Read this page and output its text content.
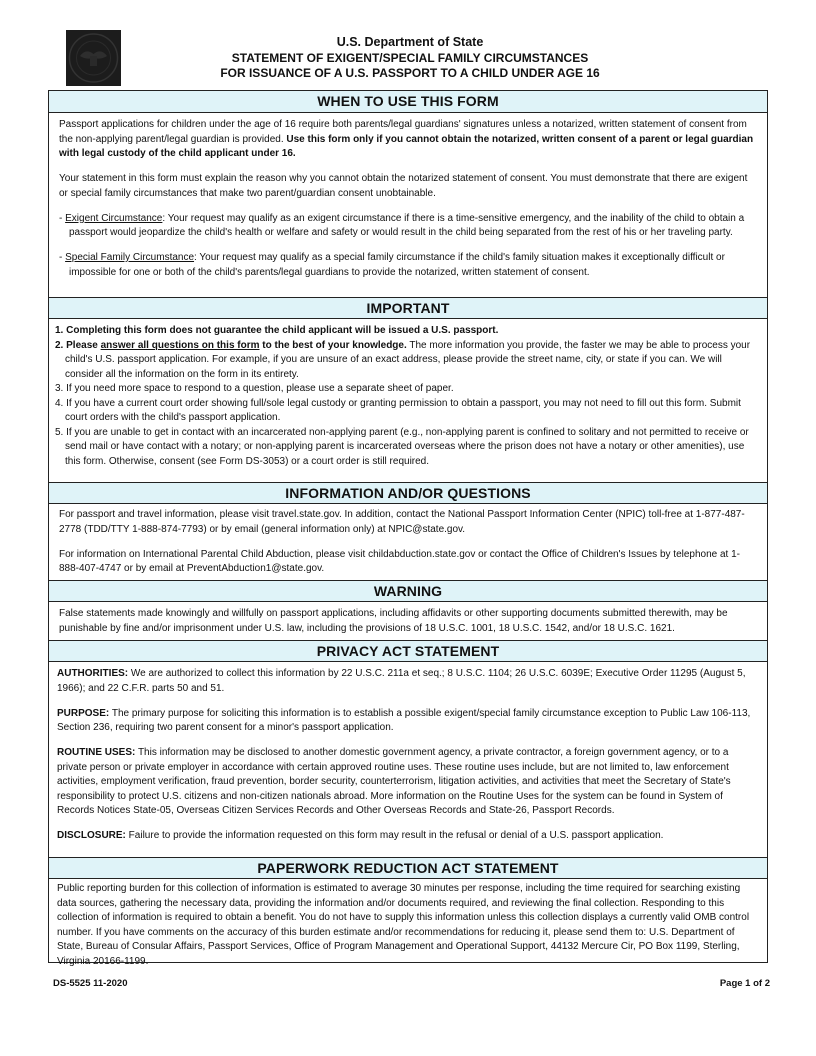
U.S. Department of State
STATEMENT OF EXIGENT/SPECIAL FAMILY CIRCUMSTANCES
FOR ISSUANCE OF A U.S. PASSPORT TO A CHILD UNDER AGE 16
WHEN TO USE THIS FORM

Passport applications for children under the age of 16 require both parents/legal guardians' signatures unless a notarized, written statement of consent from the non-applying parent/legal guardian is provided. Use this form only if you cannot obtain the notarized, written consent of a parent or legal guardian with legal custody of the child applicant under 16.

Your statement in this form must explain the reason why you cannot obtain the notarized statement of consent. You must demonstrate that there are exigent or special family circumstances that make two parent/guardian consent unobtainable.

- Exigent Circumstance: Your request may qualify as an exigent circumstance if there is a time-sensitive emergency, and the inability of the child to obtain a passport would jeopardize the child's health or welfare and safety or would result in the child being separated from the rest of his or her traveling party.

- Special Family Circumstance: Your request may qualify as a special family circumstance if the child's family situation makes it exceptionally difficult or impossible for one or both of the child's parents/legal guardians to provide the notarized, written statement of consent.

IMPORTANT

1. Completing this form does not guarantee the child applicant will be issued a U.S. passport.

2. Please answer all questions on this form to the best of your knowledge. The more information you provide, the faster we may be able to process your child's U.S. passport application. For example, if you are unsure of an exact address, please provide the street name, city, or state if you can. We will consider all the information on the form in its entirety.

3. If you need more space to respond to a question, please use a separate sheet of paper.

4. If you have a current court order showing full/sole legal custody or granting permission to obtain a passport, you may not need to fill out this form. Submit court orders with the child's passport application.

5. If you are unable to get in contact with an incarcerated non-applying parent (e.g., non-applying parent is confined to solitary and not permitted to receive or send mail or have contact with a notary; or non-applying parent is incarcerated overseas where the prison does not have a notary or other amenities), use this form. Otherwise, consent (see Form DS-3053) or a court order is still required.

INFORMATION AND/OR QUESTIONS

For passport and travel information, please visit travel.state.gov. In addition, contact the National Passport Information Center (NPIC) toll-free at 1-877-487-2778 (TDD/TTY 1-888-874-7793) or by email (general information only) at NPIC@state.gov.

For information on International Parental Child Abduction, please visit childabduction.state.gov or contact the Office of Children's Issues by telephone at 1-888-407-4747 or by email at PreventAbduction1@state.gov.

WARNING

False statements made knowingly and willfully on passport applications, including affidavits or other supporting documents submitted therewith, may be punishable by fine and/or imprisonment under U.S. law, including the provisions of 18 U.S.C. 1001, 18 U.S.C. 1542, and/or 18 U.S.C. 1621.

PRIVACY ACT STATEMENT

AUTHORITIES: We are authorized to collect this information by 22 U.S.C. 211a et seq.; 8 U.S.C. 1104; 26 U.S.C. 6039E; Executive Order 11295 (August 5, 1966); and 22 C.F.R. parts 50 and 51.

PURPOSE: The primary purpose for soliciting this information is to establish a possible exigent/special family circumstance exception to Public Law 106-113, Section 236, requiring two parent consent for a minor's passport application.

ROUTINE USES: This information may be disclosed to another domestic government agency, a private contractor, a foreign government agency, or to a private person or private employer in accordance with certain approved routine uses. These routine uses include, but are not limited to, law enforcement activities, employment verification, fraud prevention, border security, counterterrorism, litigation activities, and activities that meet the Secretary of State's responsibility to protect U.S. citizens and non-citizen nationals abroad. More information on the Routine Uses for the system can be found in System of Records Notices State-05, Overseas Citizen Services Records and Other Overseas Records and State-26, Passport Records.

DISCLOSURE: Failure to provide the information requested on this form may result in the refusal or denial of a U.S. passport application.

PAPERWORK REDUCTION ACT STATEMENT

Public reporting burden for this collection of information is estimated to average 30 minutes per response, including the time required for searching existing data sources, gathering the necessary data, providing the information and/or documents required, and reviewing the final collection. Responding to this collection of information is required to obtain a benefit. You do not have to supply this information unless this collection displays a currently valid OMB control number. If you have comments on the accuracy of this burden estimate and/or recommendations for reducing it, please send them to: U.S. Department of State, Bureau of Consular Affairs, Passport Services, Office of Program Management and Operational Support, 44132 Mercure Cir, PO Box 1199, Sterling, Virginia 20166-1199.

DS-5525 11-2020	Page 1 of 2
